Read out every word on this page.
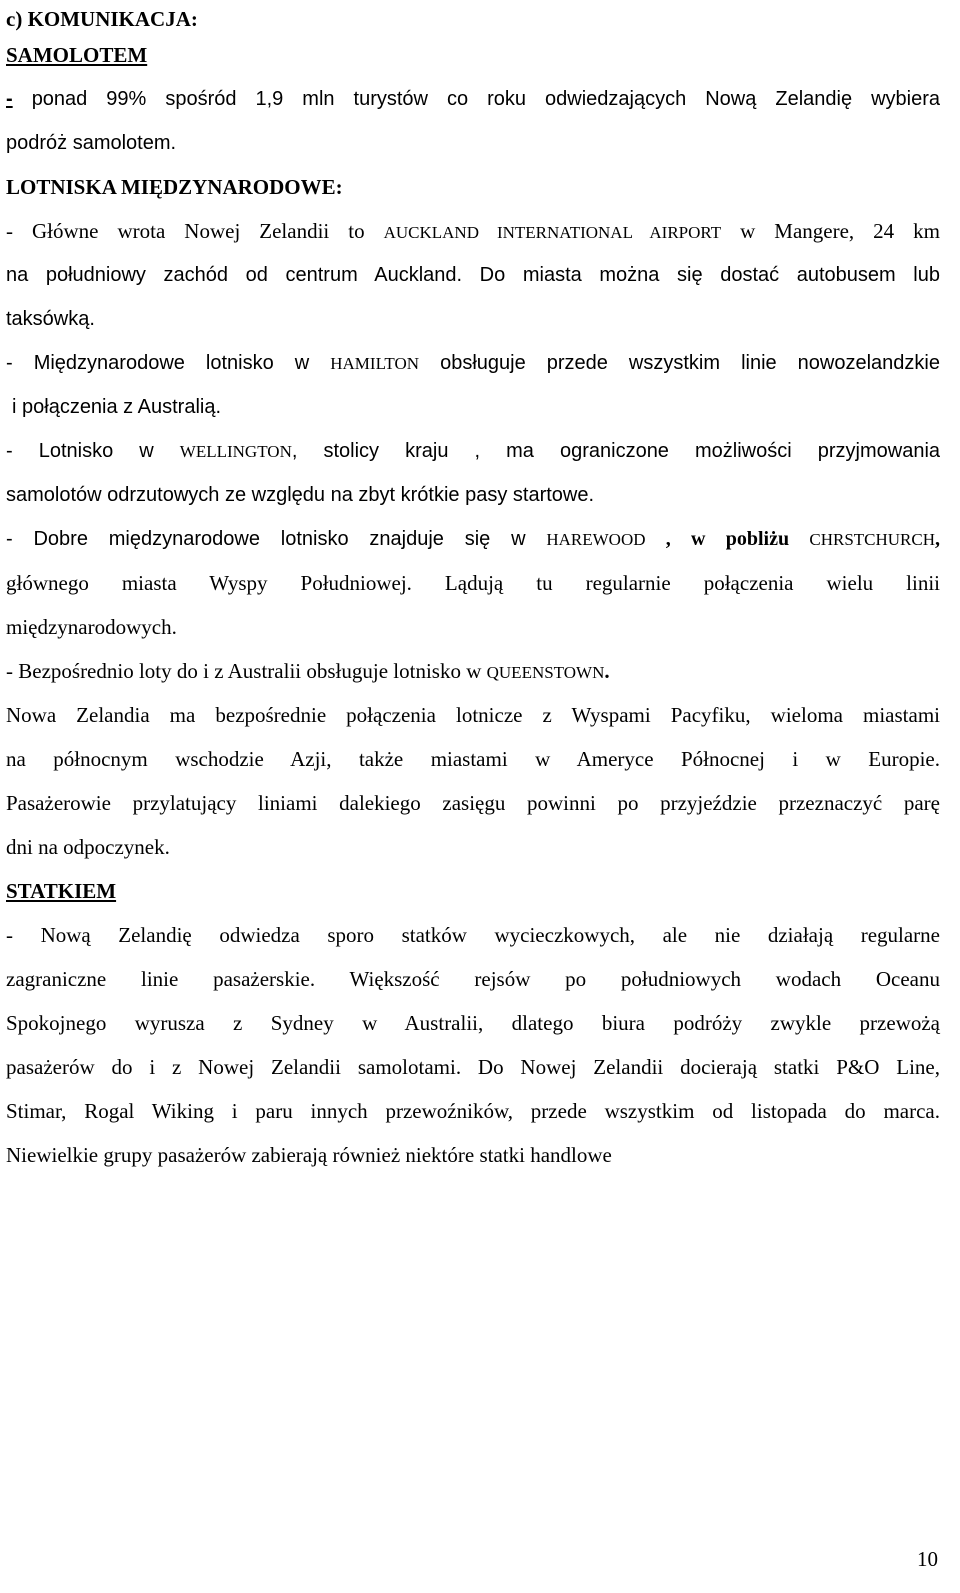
c) KOMUNIKACJA:

SAMOLOTEM

- ponad 99% spośród 1,9 mln turystów co roku odwiedzających Nową Zelandię wybiera

podróż samolotem.

LOTNISKA MIĘDZYNARODOWE:

- Główne wrota Nowej Zelandii to AUCKLAND INTERNATIONAL AIRPORT w Mangere, 24 km

na południowy zachód od centrum Auckland. Do miasta można się dostać autobusem lub

taksówką.

- Międzynarodowe lotnisko w HAMILTON obsługuje przede wszystkim linie nowozelandzkie

i połączenia z Australią.

- Lotnisko w WELLINGTON, stolicy kraju , ma ograniczone możliwości przyjmowania

samolotów odrzutowych ze względu na zbyt krótkie pasy startowe.

- Dobre międzynarodowe lotnisko znajduje się w HAREWOOD , w pobliżu CHRSTCHURCH,

głównego miasta Wyspy Południowej. Lądują tu regularnie połączenia wielu linii

międzynarodowych.

- Bezpośrednio loty do i z Australii obsługuje lotnisko w QUEENSTOWN.

Nowa Zelandia ma bezpośrednie połączenia lotnicze z Wyspami Pacyfiku, wieloma miastami

na północnym wschodzie Azji, także miastami w Ameryce Północnej i w Europie.

Pasażerowie przylatujący liniami dalekiego zasięgu powinni po przyjeździe przeznaczyć parę

dni na odpoczynek.

STATKIEM

- Nową Zelandię odwiedza sporo statków wycieczkowych, ale nie działają regularne

zagraniczne linie pasażerskie. Większość rejsów po południowych wodach Oceanu

Spokojnego wyrusza z Sydney w Australii, dlatego biura podróży zwykle przewożą

pasażerów do i z Nowej Zelandii samolotami. Do Nowej Zelandii docierają statki P&O Line,

Stimar, Rogal Wiking i paru innych przewoźników, przede wszystkim od listopada do marca.

Niewielkie grupy pasażerów zabierają również niektóre statki handlowe

10
